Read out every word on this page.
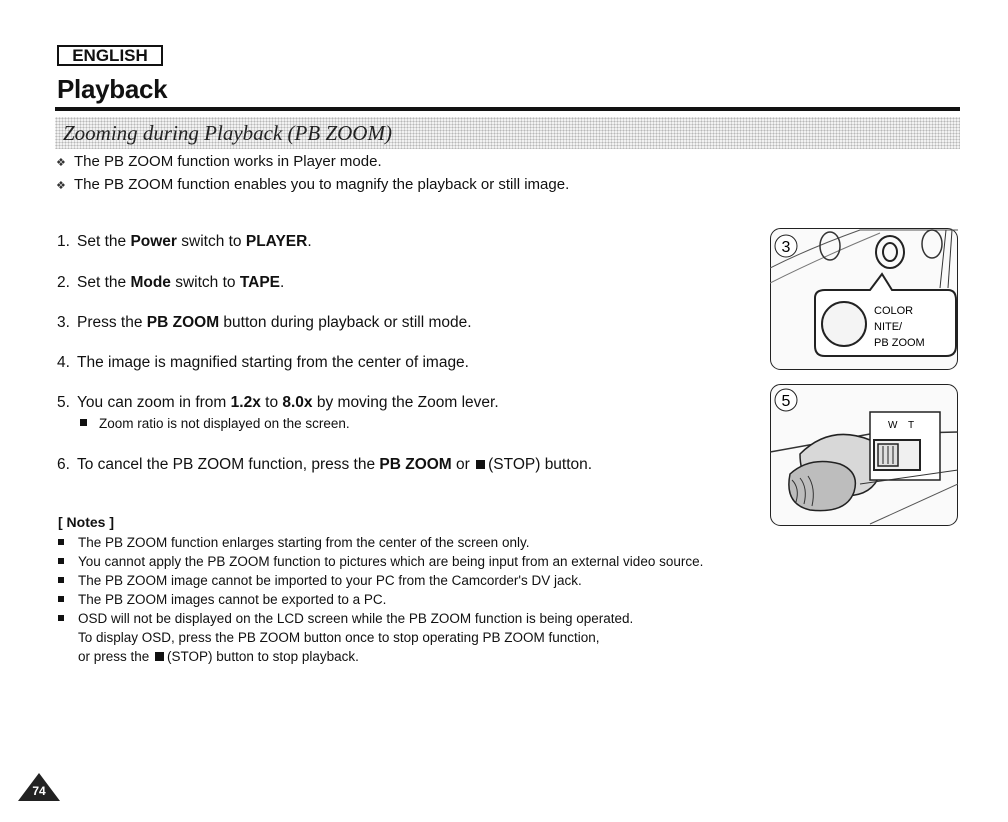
ENGLISH
Playback
Zooming during Playback (PB ZOOM)
❖ The PB ZOOM function works in Player mode.
❖ The PB ZOOM function enables you to magnify the playback or still image.
1. Set the Power switch to PLAYER.
2. Set the Mode switch to TAPE.
3. Press the PB ZOOM button during playback or still mode.
4. The image is magnified starting from the center of image.
5. You can zoom in from 1.2x to 8.0x by moving the Zoom lever.
Zoom ratio is not displayed on the screen.
6. To cancel the PB ZOOM function, press the PB ZOOM or (STOP) button.
[ Notes ]
The PB ZOOM function enlarges starting from the center of the screen only.
You cannot apply the PB ZOOM function to pictures which are being input from an external video source.
The PB ZOOM image cannot be imported to your PC from the Camcorder's DV jack.
The PB ZOOM images cannot be exported to a PC.
OSD will not be displayed on the LCD screen while the PB ZOOM function is being operated.
To display OSD, press the PB ZOOM button once to stop operating PB ZOOM function,
or press the (STOP) button to stop playback.
3
COLOR
NITE/
PB ZOOM
5
W T
74
